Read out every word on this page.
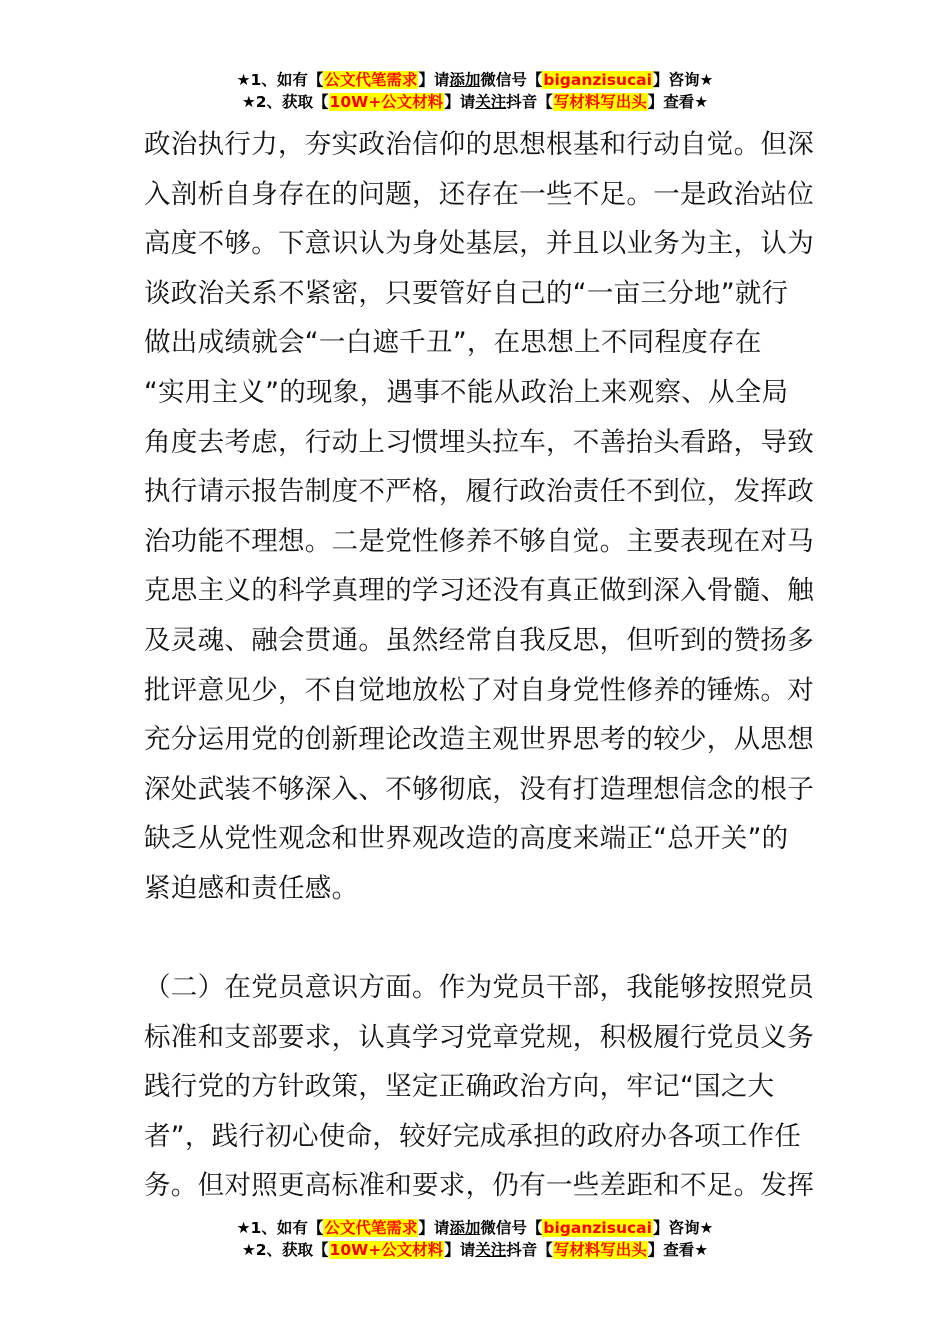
★1、如有【公文代笔需求】请添加微信号【biganzisucai】咨询★
★2、获取【10W+公文材料】请关注抖音【写材料写出头】查看★
政治执行力，夯实政治信仰的思想根基和行动自觉。但深
入剖析自身存在的问题，还存在一些不足。一是政治站位
高度不够。下意识认为身处基层，并且以业务为主，认为
谈政治关系不紧密，只要管好自己的“一亩三分地”就行
做出成绩就会“一白遮千丑”，在思想上不同程度存在
“实用主义”的现象，遇事不能从政治上来观察、从全局
角度去考虑，行动上习惯埋头拉车，不善抬头看路，导致
执行请示报告制度不严格，履行政治责任不到位，发挥政
治功能不理想。二是党性修养不够自觉。主要表现在对马
克思主义的科学真理的学习还没有真正做到深入骨髓、触
及灵魂、融会贯通。虽然经常自我反思，但听到的赞扬多
批评意见少，不自觉地放松了对自身党性修养的锤炼。对
充分运用党的创新理论改造主观世界思考的较少，从思想
深处武装不够深入、不够彻底，没有打造理想信念的根子
缺乏从党性观念和世界观改造的高度来端正“总开关”的
紧迫感和责任感。
（二）在党员意识方面。作为党员干部，我能够按照党员
标准和支部要求，认真学习党章党规，积极履行党员义务
践行党的方针政策，坚定正确政治方向，牢记“国之大
者”，践行初心使命，较好完成承担的政府办各项工作任
务。但对照更高标准和要求，仍有一些差距和不足。发挥
★1、如有【公文代笔需求】请添加微信号【biganzisucai】咨询★
★2、获取【10W+公文材料】请关注抖音【写材料写出头】查看★
